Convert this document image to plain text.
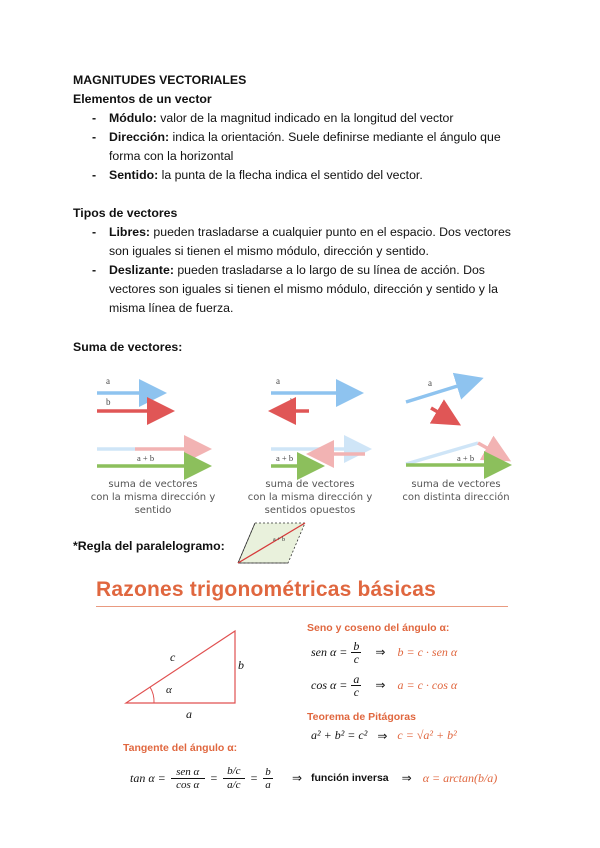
MAGNITUDES VECTORIALES
Elementos de un vector
- Módulo: valor de la magnitud indicado en la longitud del vector
- Dirección: indica la orientación. Suele definirse mediante el ángulo que forma con la horizontal
- Sentido: la punta de la flecha indica el sentido del vector.
Tipos de vectores
- Libres: pueden trasladarse a cualquier punto en el espacio. Dos vectores son iguales si tienen el mismo módulo, dirección y sentido.
- Deslizante: pueden trasladarse a lo largo de su línea de acción. Dos vectores son iguales si tienen el mismo módulo, dirección y sentido y la misma línea de fuerza.
Suma de vectores:
a
b
a + b
a
b
a + b
a
b
a + b
suma de vectores
con la misma dirección y
sentido
suma de vectores
con la misma dirección y
sentidos opuestos
suma de vectores
con distinta dirección
*Regla del paralelogramo:	a + b
Razones trigonométricas básicas
c
b
a
α
Seno y coseno del ángulo α:
sen α = b
c ⇒ b = c · sen α
cos α = a
c ⇒ a = c · cos α
Teorema de Pitágoras
a² + b² = c² ⇒ c = √a² + b²
Tangente del ángulo α:
tan α = sen α
cos α = b/c
a/c = b
a ⇒ función inversa ⇒ α = arctan(b/a)
